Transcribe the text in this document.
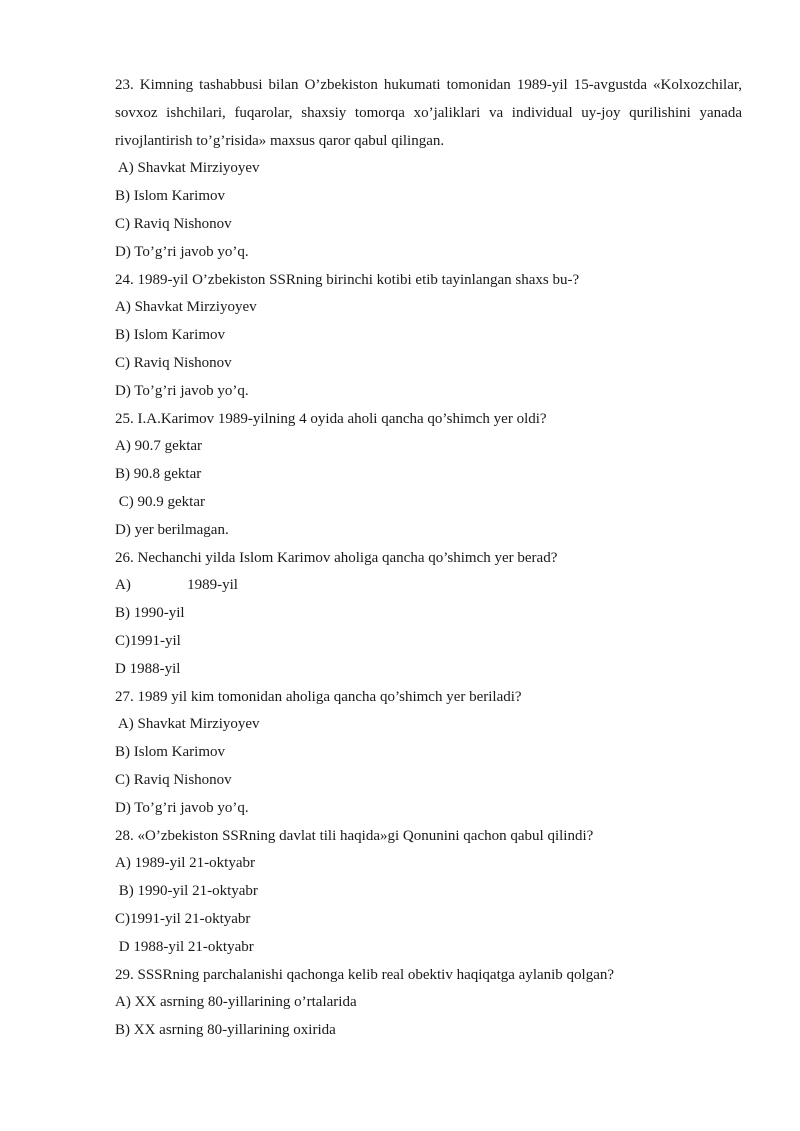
23. Kimning tashabbusi bilan O’zbekiston hukumati tomonidan 1989-yil 15-avgustda «Kolxozchilar, sovxoz ishchilari, fuqarolar, shaxsiy tomorqa xo’jaliklari va individual uy-joy qurilishini yanada rivojlantirish to’g’risida» maxsus qaror qabul qilingan.

A) Shavkat Mirziyoyev

B) Islom Karimov

C) Raviq Nishonov

D) To’g’ri javob yo’q.

24. 1989-yil O’zbekiston SSRning birinchi kotibi etib tayinlangan shaxs bu-?

A) Shavkat Mirziyoyev

B) Islom Karimov

C) Raviq Nishonov

D) To’g’ri javob yo’q.

25. I.A.Karimov 1989-yilning 4 oyida aholi qancha qo’shimch yer oldi?

A) 90.7 gektar

B) 90.8 gektar

C) 90.9 gektar

D) yer berilmagan.

26. Nechanchi yilda Islom Karimov aholiga qancha qo’shimch yer berad?

A)               1989-yil

B) 1990-yil

C)1991-yil

D 1988-yil

27. 1989 yil kim tomonidan aholiga qancha qo’shimch yer beriladi?

A) Shavkat Mirziyoyev

B) Islom Karimov

C) Raviq Nishonov

D) To’g’ri javob yo’q.

28. «O’zbekiston SSRning davlat tili haqida»gi Qonunini qachon qabul qilindi?

A) 1989-yil 21-oktyabr

B) 1990-yil 21-oktyabr

C)1991-yil 21-oktyabr

D 1988-yil 21-oktyabr

29. SSSRning parchalanishi qachonga kelib real obektiv haqiqatga aylanib qolgan?

A) XX asrning 80-yillarining o’rtalarida

B) XX asrning 80-yillarining oxirida
